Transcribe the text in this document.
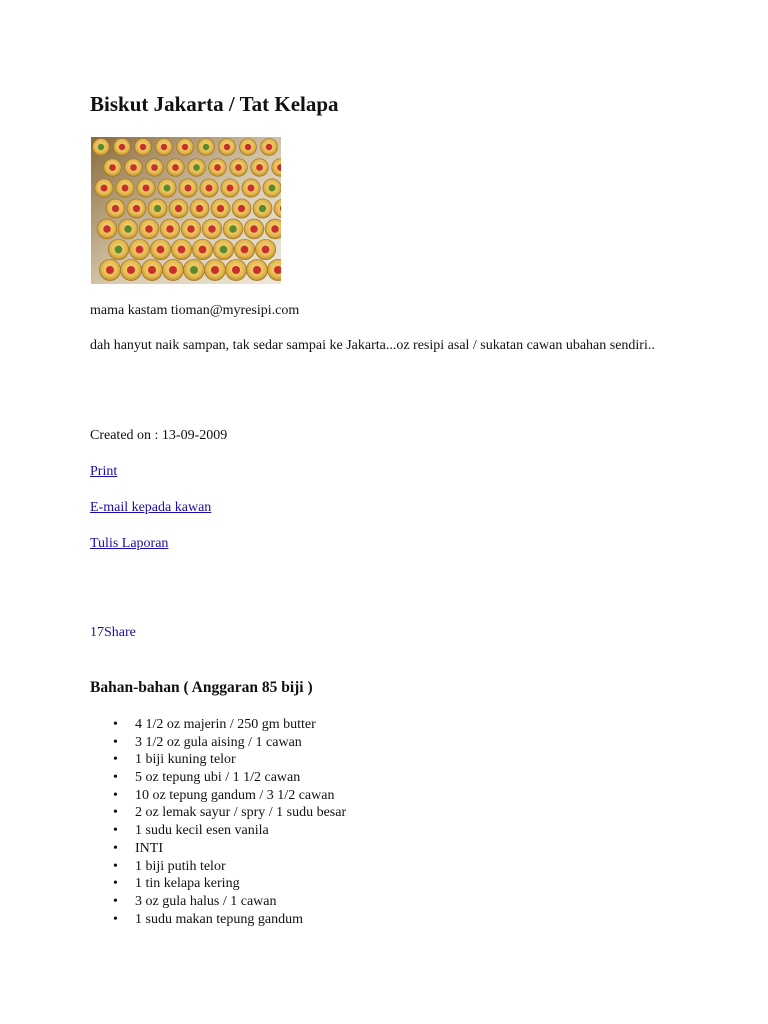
Biskut Jakarta / Tat Kelapa
mama kastam tioman@myresipi.com
dah hanyut naik sampan, tak sedar sampai ke Jakarta...oz resipi asal / sukatan cawan ubahan sendiri..
Created on : 13-09-2009
Print
E-mail kepada kawan
Tulis Laporan
17Share
Bahan-bahan ( Anggaran 85 biji )
• 4 1/2 oz majerin / 250 gm butter
• 3 1/2 oz gula aising / 1 cawan
• 1 biji kuning telor
• 5 oz tepung ubi / 1 1/2 cawan
• 10 oz tepung gandum / 3 1/2 cawan
• 2 oz lemak sayur / spry / 1 sudu besar
• 1 sudu kecil esen vanila
• INTI
• 1 biji putih telor
• 1 tin kelapa kering
• 3 oz gula halus / 1 cawan
• 1 sudu makan tepung gandum
